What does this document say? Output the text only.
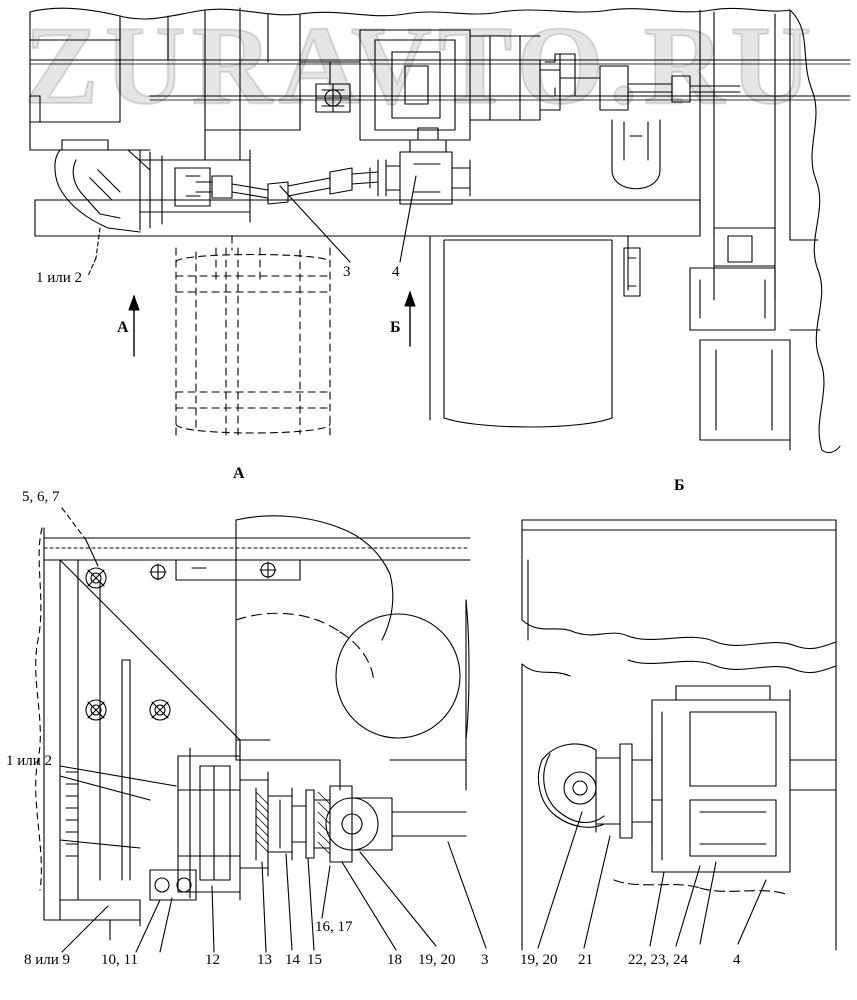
ZURAVTO.RU
1 или 2	3	4
А	Б
А
Б
5, 6, 7
1 или 2
16, 17
8 или 9 10, 11	12 13 14 15	18 19, 20 3 19, 20 21 22, 23, 24	4
